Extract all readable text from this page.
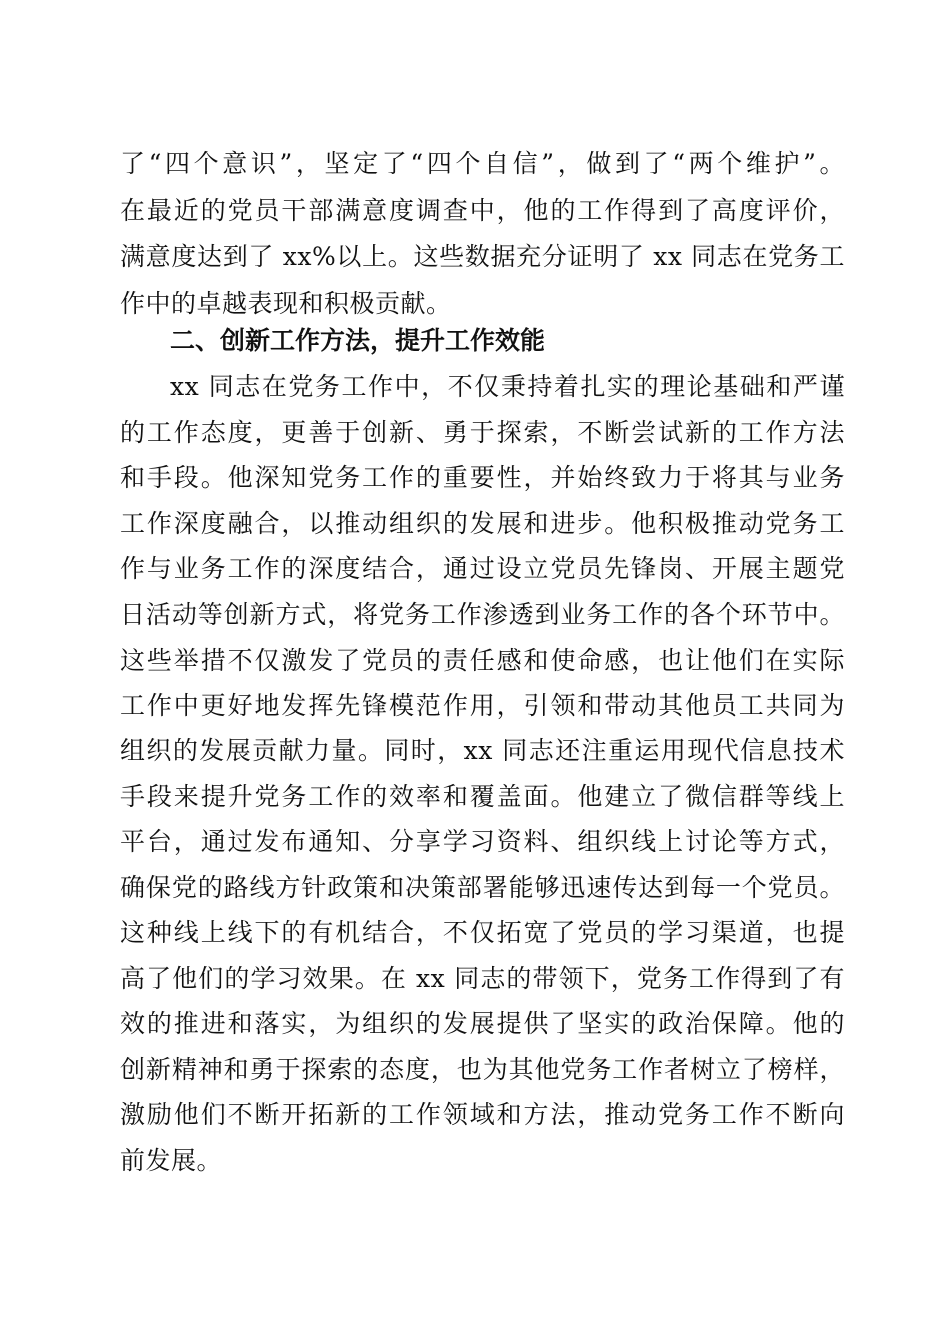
了“四个意识”，坚定了“四个自信”，做到了“两个维护”。
在最近的党员干部满意度调查中，他的工作得到了高度评价，
满意度达到了 xx%以上。这些数据充分证明了 xx 同志在党务工
作中的卓越表现和积极贡献。
二、创新工作方法，提升工作效能
xx 同志在党务工作中，不仅秉持着扎实的理论基础和严谨
的工作态度，更善于创新、勇于探索，不断尝试新的工作方法
和手段。他深知党务工作的重要性，并始终致力于将其与业务
工作深度融合，以推动组织的发展和进步。他积极推动党务工
作与业务工作的深度结合，通过设立党员先锋岗、开展主题党
日活动等创新方式，将党务工作渗透到业务工作的各个环节中。
这些举措不仅激发了党员的责任感和使命感，也让他们在实际
工作中更好地发挥先锋模范作用，引领和带动其他员工共同为
组织的发展贡献力量。同时，xx 同志还注重运用现代信息技术
手段来提升党务工作的效率和覆盖面。他建立了微信群等线上
平台，通过发布通知、分享学习资料、组织线上讨论等方式，
确保党的路线方针政策和决策部署能够迅速传达到每一个党员。
这种线上线下的有机结合，不仅拓宽了党员的学习渠道，也提
高了他们的学习效果。在 xx 同志的带领下，党务工作得到了有
效的推进和落实，为组织的发展提供了坚实的政治保障。他的
创新精神和勇于探索的态度，也为其他党务工作者树立了榜样，
激励他们不断开拓新的工作领域和方法，推动党务工作不断向
前发展。
